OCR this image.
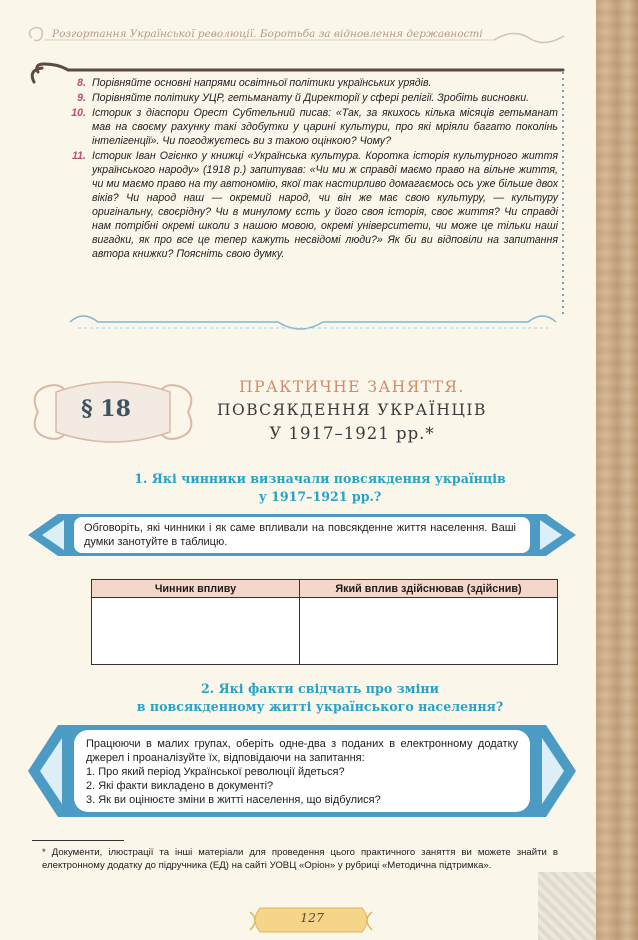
Розгортання Української революції. Боротьба за відновлення державності
8. Порівняйте основні напрями освітньої політики українських урядів.
9. Порівняйте політику УЦР, гетьманату й Директорії у сфері релігії. Зробіть висновки.
10. Історик з діаспори Орест Субтельний писав: «Так, за якихось кілька місяців гетьманат мав на своєму рахунку такі здобутки у царині культури, про які мріяли багато поколінь інтелігенції». Чи погоджуєтесь ви з такою оцінкою? Чому?
11. Історик Іван Огієнко у книжці «Українська культура. Коротка історія культурного життя українського народу» (1918 р.) запитував: «Чи ми ж справді маємо право на вільне життя, чи ми маємо право на ту автономію, якої так настирливо домагаємось ось уже більше двох віків? Чи народ наш — окремий народ, чи він же має свою культуру, — культуру оригінальну, своєрідну? Чи в минулому єсть у його своя історія, своє життя? Чи справді нам потрібні окремі школи з нашою мовою, окремі університети, чи може це тільки наші вигадки, як про все це тепер кажуть несвідомі люди?» Як би ви відповіли на запитання автора книжки? Поясніть свою думку.
§ 18
ПРАКТИЧНЕ ЗАНЯТТЯ.
ПОВСЯКДЕННЯ УКРАЇНЦІВ
У 1917–1921 рр.*
1. Які чинники визначали повсякдення українців
у 1917–1921 рр.?
Обговоріть, які чинники і як саме впливали на повсякденне життя населення. Ваші думки занотуйте в таблицю.
Чинник впливу	Який вплив здійснював (здійснив)

2. Які факти свідчать про зміни
в повсякденному житті українського населення?
Працюючи в малих групах, оберіть одне-два з поданих в електронному додатку джерел і проаналізуйте їх, відповідаючи на запитання:
1. Про який період Української революції йдеться?
2. Які факти викладено в документі?
3. Як ви оцінюєте зміни в житті населення, що відбулися?
* Документи, ілюстрації та інші матеріали для проведення цього практичного заняття ви можете знайти в електронному додатку до підручника (ЕД) на сайті УОВЦ «Оріон» у рубриці «Методична підтримка».
127
